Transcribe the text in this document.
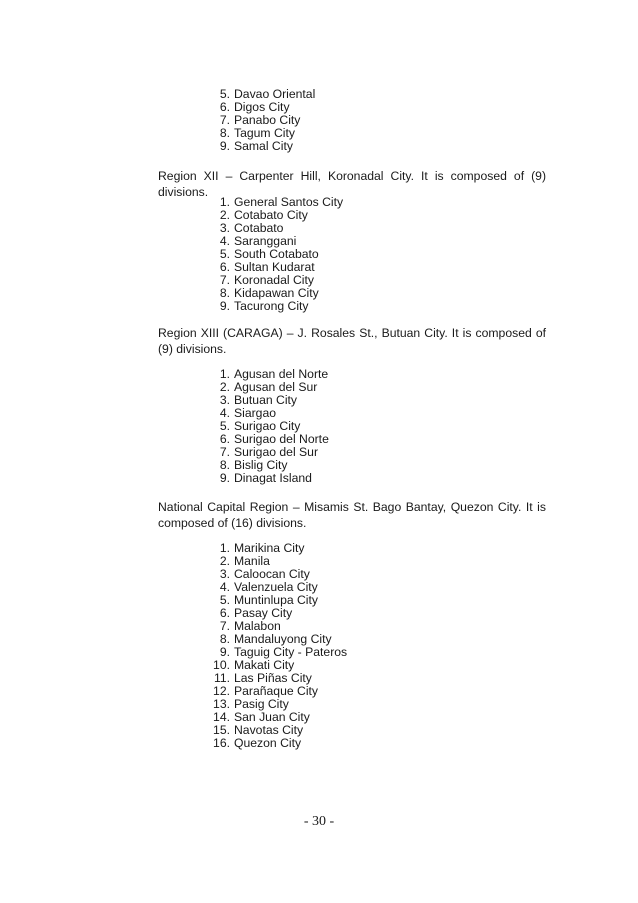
5. Davao Oriental
6. Digos City
7. Panabo City
8. Tagum City
9. Samal City

Region XII – Carpenter Hill, Koronadal City. It is composed of (9) divisions.

1. General Santos City
2. Cotabato City
3. Cotabato
4. Saranggani
5. South Cotabato
6. Sultan Kudarat
7. Koronadal City
8. Kidapawan City
9. Tacurong City

Region XIII (CARAGA) – J. Rosales St., Butuan City. It is composed of (9) divisions.

1. Agusan del Norte
2. Agusan del Sur
3. Butuan City
4. Siargao
5. Surigao City
6. Surigao del Norte
7. Surigao del Sur
8. Bislig City
9. Dinagat Island

National Capital Region – Misamis St. Bago Bantay, Quezon City. It is composed of (16) divisions.

1. Marikina City
2. Manila
3. Caloocan City
4. Valenzuela City
5. Muntinlupa City
6. Pasay City
7. Malabon
8. Mandaluyong City
9. Taguig City - Pateros
10. Makati City
11. Las Piñas City
12. Parañaque City
13. Pasig City
14. San Juan City
15. Navotas City
16. Quezon City
- 30 -
